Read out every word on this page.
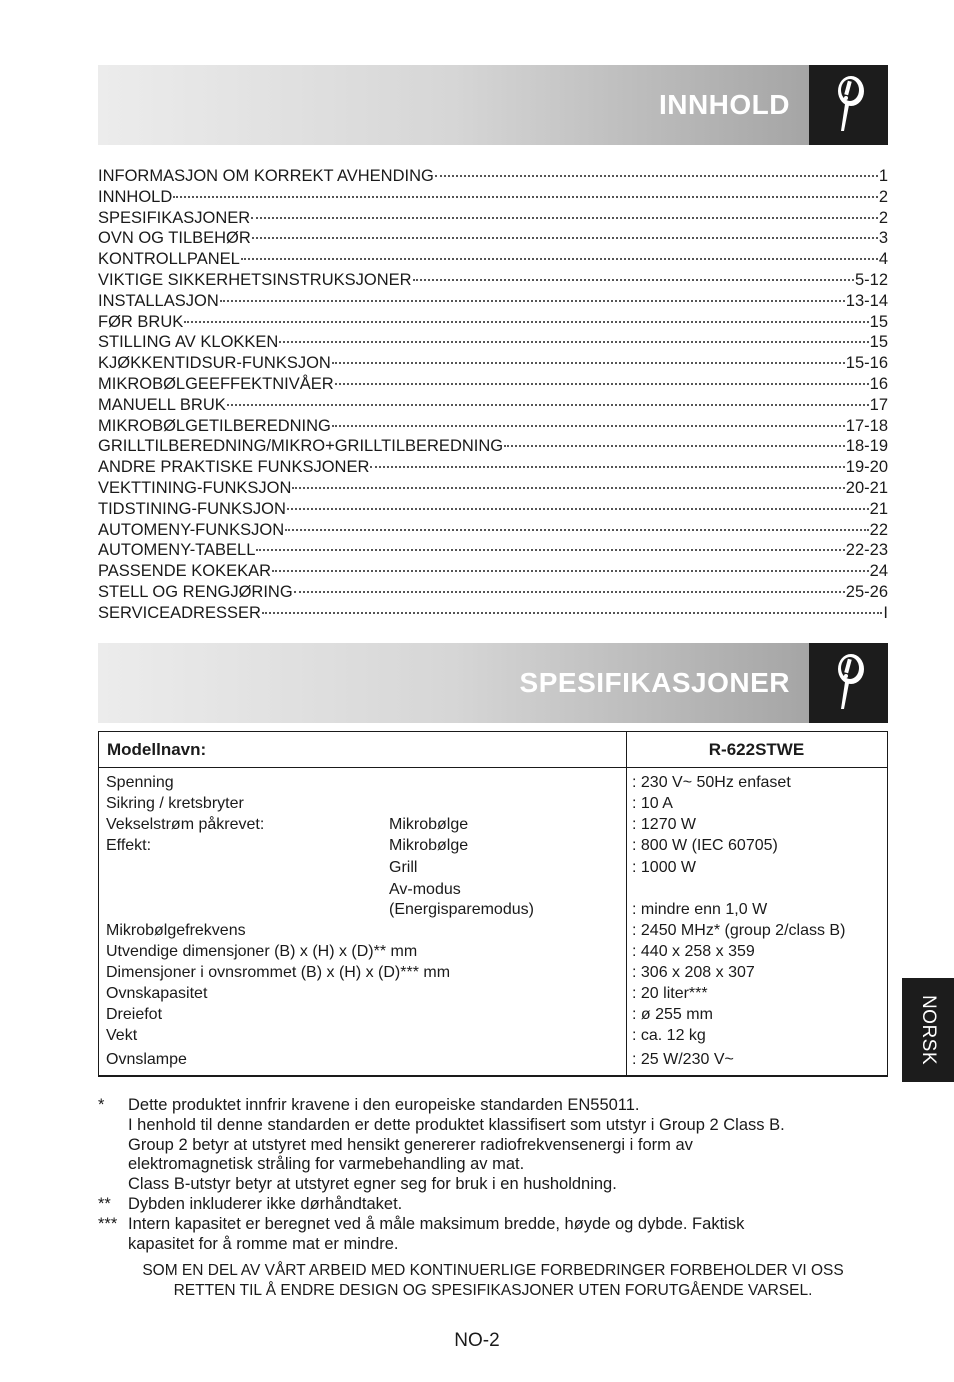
INNHOLD
INFORMASJON OM KORREKT AVHENDING	1
INNHOLD	2
SPESIFIKASJONER	2
OVN OG TILBEHØR	3
KONTROLLPANEL	4
VIKTIGE SIKKERHETSINSTRUKSJONER	5-12
INSTALLASJON	13-14
FØR BRUK	15
STILLING AV KLOKKEN	15
KJØKKENTIDSUR-FUNKSJON	15-16
MIKROBØLGEEFFEKTNIVÅER	16
MANUELL BRUK	17
MIKROBØLGETILBEREDNING	17-18
GRILLTILBEREDNING/MIKRO+GRILLTILBEREDNING	18-19
ANDRE PRAKTISKE FUNKSJONER	19-20
VEKTTINING-FUNKSJON	20-21
TIDSTINING-FUNKSJON	21
AUTOMENY-FUNKSJON	22
AUTOMENY-TABELL	22-23
PASSENDE KOKEKAR	24
STELL OG RENGJØRING	25-26
SERVICEADRESSER	I
SPESIFIKASJONER
Modellnavn:	R-622STWE
Spenning	: 230 V~ 50Hz enfaset
Sikring / kretsbryter	: 10 A
Vekselstrøm påkrevet:	Mikrobølge	: 1270 W
Effekt:	Mikrobølge	: 800 W (IEC 60705)
Grill	: 1000 W
Av-modus
(Energisparemodus)	: mindre enn 1,0 W
Mikrobølgefrekvens	: 2450 MHz* (group 2/class B)
Utvendige dimensjoner (B) x (H) x (D)** mm	: 440 x 258 x 359
Dimensjoner i ovnsrommet (B) x (H) x (D)*** mm	: 306 x 208 x 307
Ovnskapasitet	: 20 liter***
Dreiefot	: ø 255 mm
Vekt	: ca. 12 kg
Ovnslampe	: 25 W/230 V~
*	Dette produktet innfrir kravene i den europeiske standarden EN55011.
I henhold til denne standarden er dette produktet klassifisert som utstyr i Group 2 Class B.
Group 2 betyr at utstyret med hensikt genererer radiofrekvensenergi i form av
elektromagnetisk stråling for varmebehandling av mat.
Class B-utstyr betyr at utstyret egner seg for bruk i en husholdning.
**	Dybden inkluderer ikke dørhåndtaket.
*** Intern kapasitet er beregnet ved å måle maksimum bredde, høyde og dybde. Faktisk
kapasitet for å romme mat er mindre.
SOM EN DEL AV VÅRT ARBEID MED KONTINUERLIGE FORBEDRINGER FORBEHOLDER VI OSS
RETTEN TIL Å ENDRE DESIGN OG SPESIFIKASJONER UTEN FORUTGÅENDE VARSEL.
NO-2
NORSK
